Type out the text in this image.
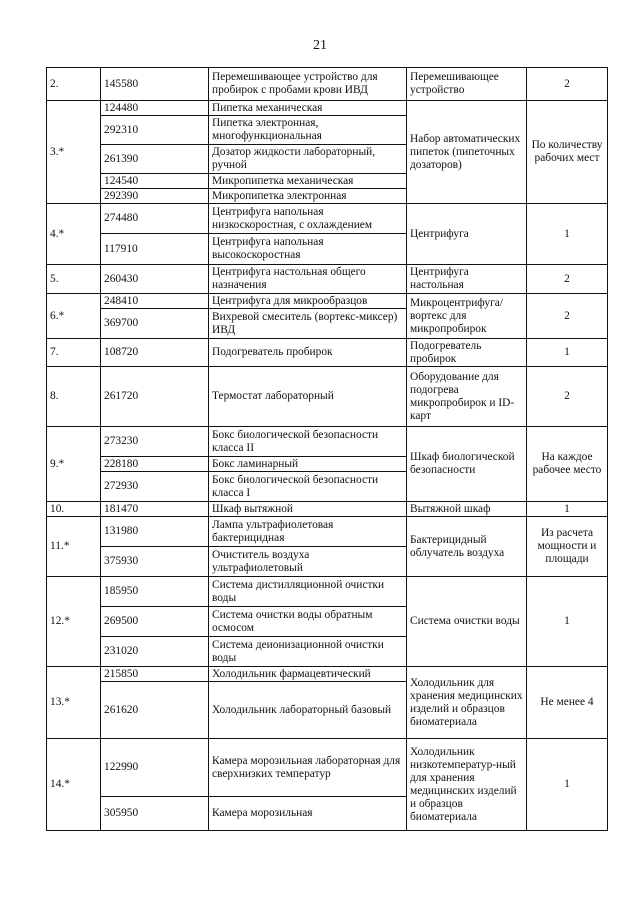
21
2.	145580	Перемешивающее устройство для пробирок с пробами крови ИВД	Перемешивающее устройство	2
3.*	124480	Пипетка механическая	Набор автоматических пипеток (пипеточных дозаторов)	По количеству рабочих мест
	292310	Пипетка электронная, многофункциональная		
	261390	Дозатор жидкости лабораторный, ручной		
	124540	Микропипетка механическая		
	292390	Микропипетка электронная		
4.*	274480	Центрифуга напольная низкоскоростная, с охлаждением	Центрифуга	1
	117910	Центрифуга напольная высокоскоростная		
5.	260430	Центрифуга настольная общего назначения	Центрифуга настольная	2
6.*	248410	Центрифуга для микрообразцов	Микроцентрифуга/ вортекс для микропробирок	2
	369700	Вихревой смеситель (вортекс-миксер) ИВД		
7.	108720	Подогреватель пробирок	Подогреватель пробирок	1
8.	261720	Термостат лабораторный	Оборудование для подогрева микропробирок и ID-карт	2
9.*	273230	Бокс биологической безопасности класса II	Шкаф биологической безопасности	На каждое рабочее место
	228180	Бокс ламинарный		
	272930	Бокс биологической безопасности класса I		
10.	181470	Шкаф вытяжной	Вытяжной шкаф	1
11.*	131980	Лампа ультрафиолетовая бактерицидная	Бактерицидный облучатель воздуха	Из расчета мощности и площади
	375930	Очиститель воздуха ультрафиолетовый		
12.*	185950	Система дистилляционной очистки воды	Система очистки воды	1
	269500	Система очистки воды обратным осмосом		
	231020	Система деионизационной очистки воды		
13.*	215850	Холодильник фармацевтический	Холодильник для хранения медицинских изделий и образцов биоматериала	Не менее 4
	261620	Холодильник лабораторный базовый		
14.*	122990	Камера морозильная лабораторная для сверхнизких температур	Холодильник низкотемператур-ный для хранения медицинских изделий и образцов биоматериала	1
	305950	Камера морозильная		
